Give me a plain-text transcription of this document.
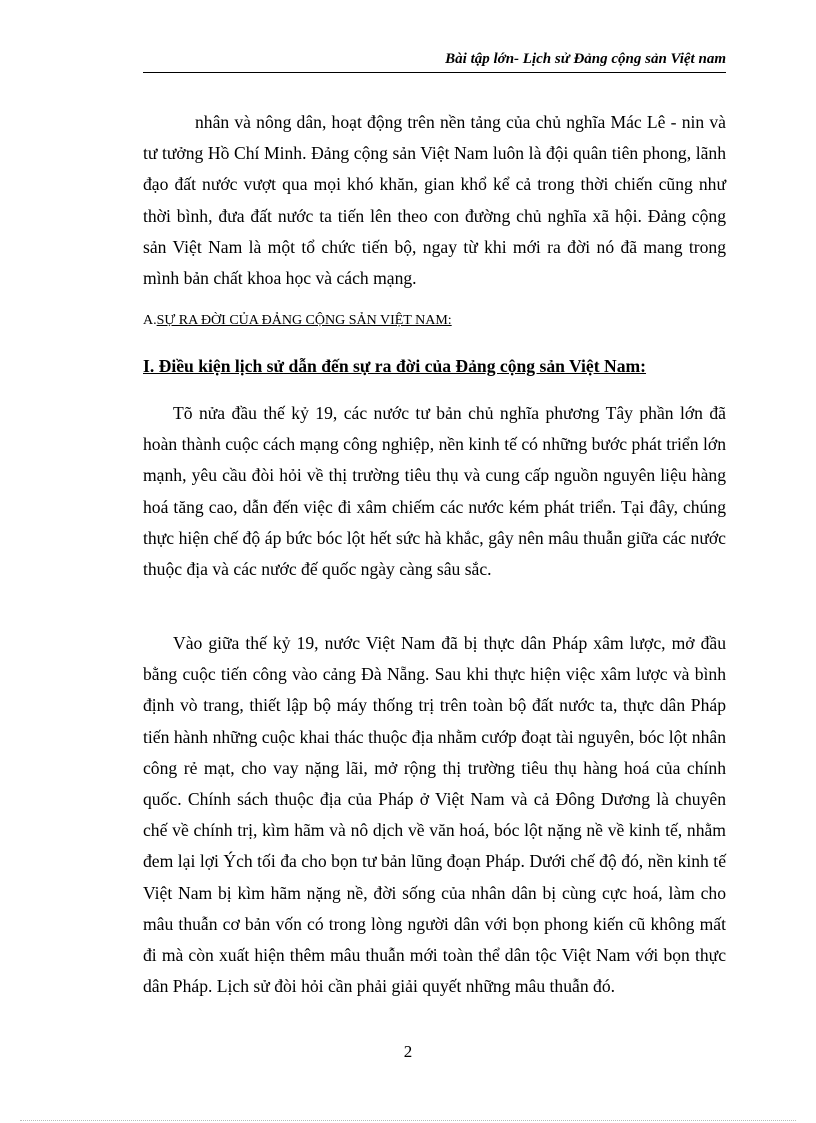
Bài tập lớn- Lịch sử Đảng cộng sản Việt nam

nhân và nông dân, hoạt động trên nền tảng của chủ nghĩa Mác Lê - nin và tư tưởng Hồ Chí Minh. Đảng cộng sản Việt Nam luôn là đội quân tiên phong, lãnh đạo đất nước vượt qua mọi khó khăn, gian khổ kể cả trong thời chiến cũng như thời bình, đưa đất nước ta tiến lên theo con đường chủ nghĩa xã hội. Đảng cộng sản Việt Nam là một tổ chức tiến bộ, ngay từ khi mới ra đời nó đã mang trong mình bản chất khoa học và cách mạng.

A.SỰ RA ĐỜI CỦA ĐẢNG CỘNG SẢN VIỆT NAM:
I. Điều kiện lịch sử dẫn đến sự ra đời của Đảng cộng sản Việt Nam:

Tõ nửa đầu thế kỷ 19, các nước tư bản chủ nghĩa phương Tây phần lớn đã hoàn thành cuộc cách mạng công nghiệp, nền kinh tế có những bước phát triển lớn mạnh, yêu cầu đòi hỏi về thị trường tiêu thụ và cung cấp nguồn nguyên liệu hàng hoá tăng cao, dẫn đến việc đi xâm chiếm các nước kém phát triển. Tại đây, chúng thực hiện chế độ áp bức bóc lột hết sức hà khắc, gây nên mâu thuẫn giữa các nước thuộc địa và các nước đế quốc ngày càng sâu sắc.

Vào giữa thế kỷ 19, nước Việt Nam đã bị thực dân Pháp xâm lược, mở đầu bằng cuộc tiến công vào cảng Đà Nẵng. Sau khi thực hiện việc xâm lược và bình định vò trang, thiết lập bộ máy thống trị trên toàn bộ đất nước ta, thực dân Pháp tiến hành những cuộc khai thác thuộc địa nhằm cướp đoạt tài nguyên, bóc lột nhân công rẻ mạt, cho vay nặng lãi, mở rộng thị trường tiêu thụ hàng hoá của chính quốc. Chính sách thuộc địa của Pháp ở Việt Nam và cả Đông Dương là chuyên chế về chính trị, kìm hãm và nô dịch về văn hoá, bóc lột nặng nề về kinh tế, nhằm đem lại lợi Ých tối đa cho bọn tư bản lũng đoạn Pháp. Dưới chế độ đó, nền kinh tế Việt Nam bị kìm hãm nặng nề, đời sống của nhân dân bị cùng cực hoá, làm cho mâu thuẫn cơ bản vốn có trong lòng người dân với bọn phong kiến cũ không mất đi mà còn xuất hiện thêm mâu thuẫn mới toàn thể dân tộc Việt Nam với bọn thực dân Pháp. Lịch sử đòi hỏi cần phải giải quyết những mâu thuẫn đó.

2
